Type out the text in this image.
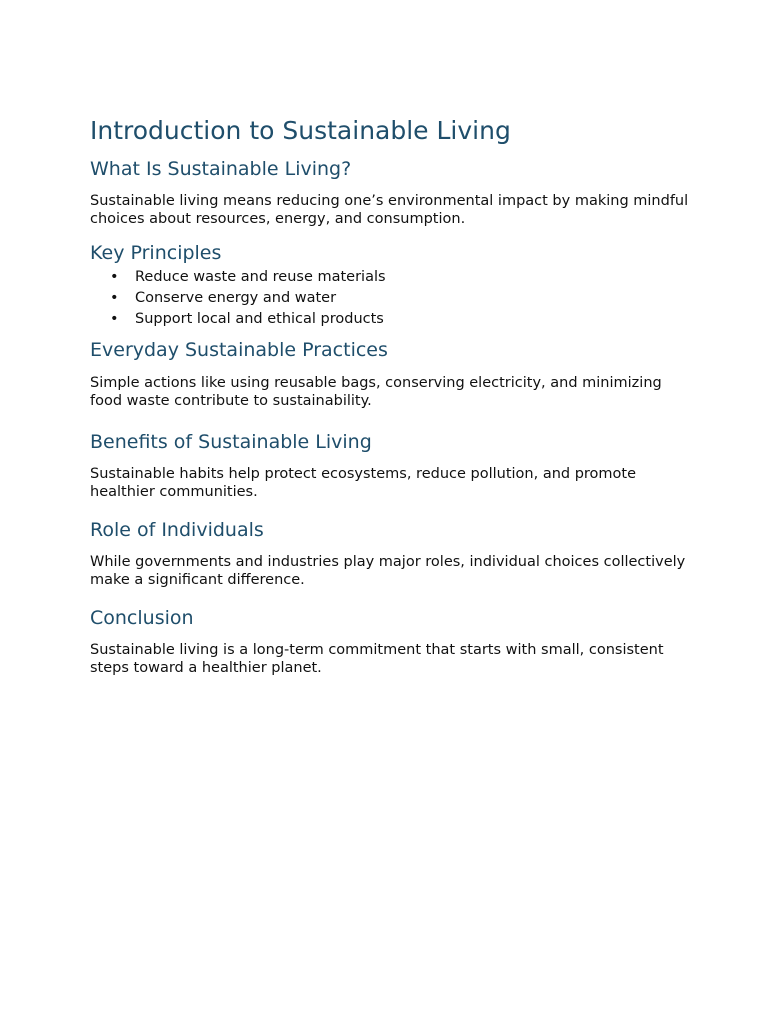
Introduction to Sustainable Living
What Is Sustainable Living?

Sustainable living means reducing one’s environmental impact by making mindful choices about resources, energy, and consumption.

Key Principles
• Reduce waste and reuse materials
• Conserve energy and water
• Support local and ethical products
Everyday Sustainable Practices

Simple actions like using reusable bags, conserving electricity, and minimizing food waste contribute to sustainability.

Benefits of Sustainable Living

Sustainable habits help protect ecosystems, reduce pollution, and promote healthier communities.

Role of Individuals

While governments and industries play major roles, individual choices collectively make a significant difference.

Conclusion

Sustainable living is a long-term commitment that starts with small, consistent steps toward a healthier planet.
